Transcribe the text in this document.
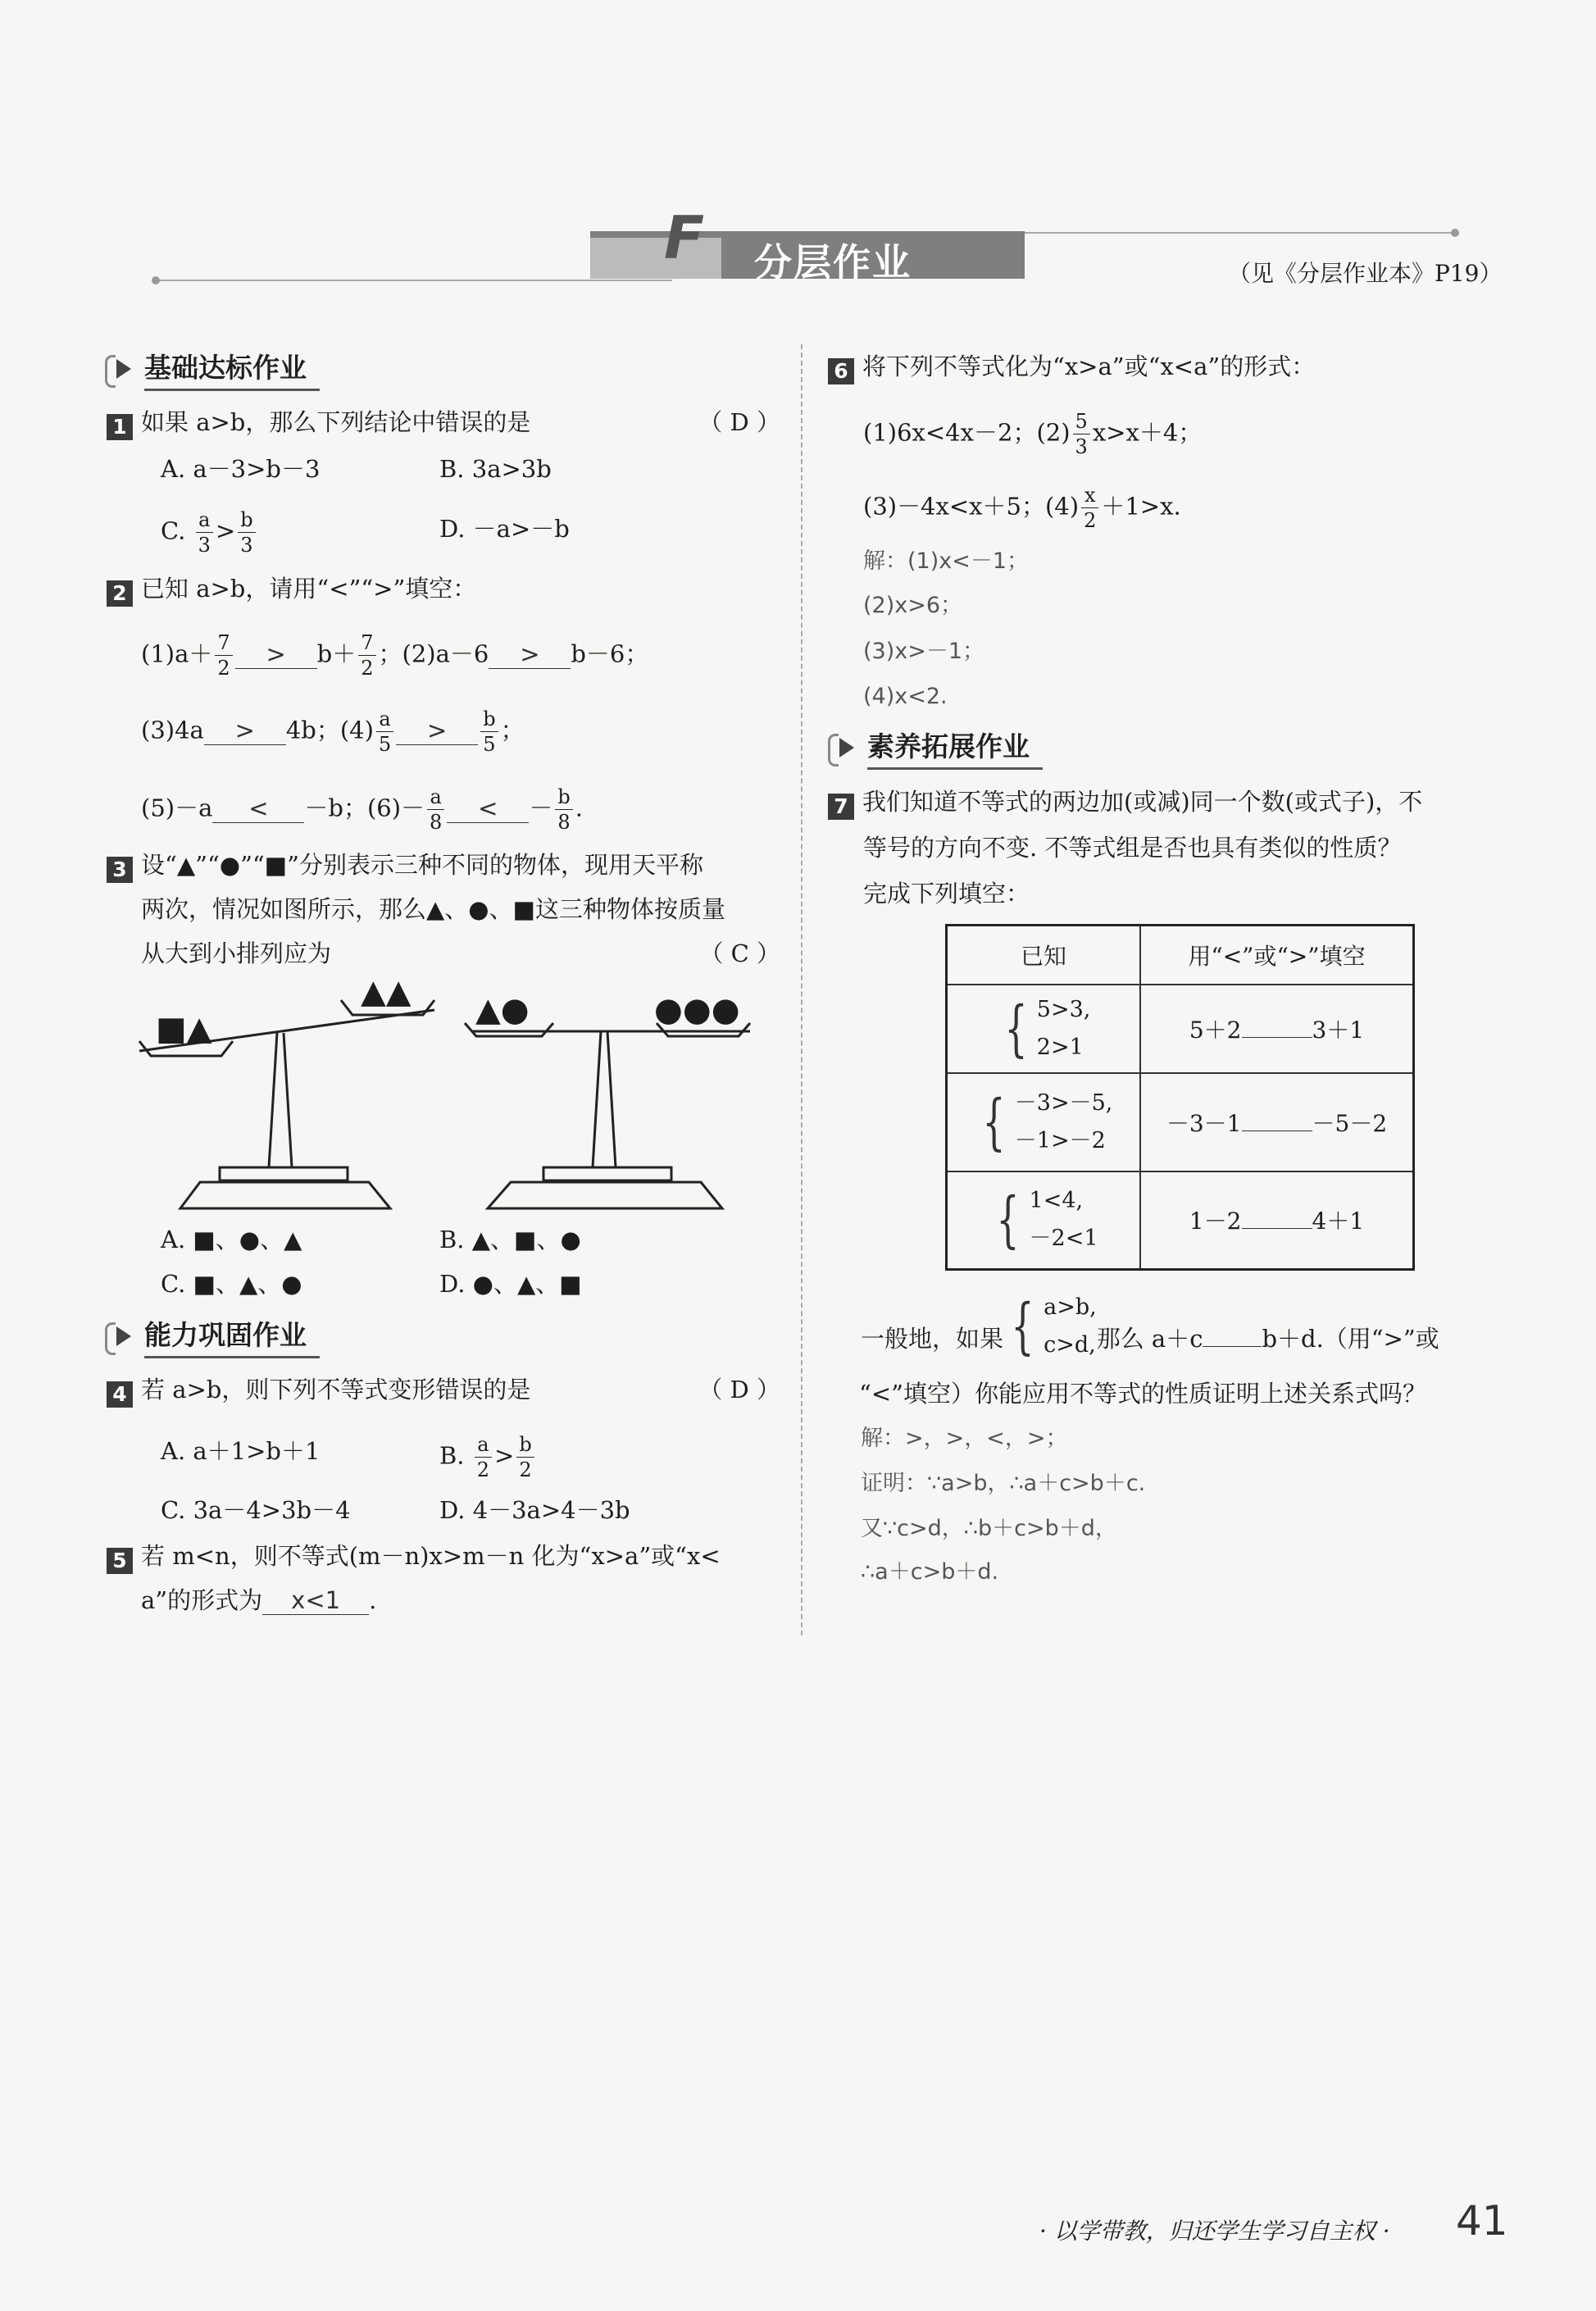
F 分层作业	（见《分层作业本》P19）
基础达标作业
1 如果 a>b，那么下列结论中错误的是	（ D ）
A. a－3>b－3	B. 3a>3b
C. $\frac{a}{3} > \frac{b}{3}$	D. －a>－b
2 已知 a>b，请用“<”“>”填空：
$(1)a+ \frac{7}{2} > b+ \frac{7}{2}$ ；(2)a－6 > b－6；
(3)4a > 4b；$(4) \frac{a}{5} > \frac{b}{5}$ ；
(5)－a < －b；$(6)- \frac{a}{8}$ < － $\frac{b}{8}$ .
3 设“▲”“●”“■”分别表示三种不同的物体，现用天平称
两次，情况如图所示，那么▲、●、■这三种物体按质量
从大到小排列应为	（ C ）
■▲
▲▲ ▲●	●●●
A. ■、●、▲	B. ▲、■、●
C. ■、▲、●	D. ●、▲、■
能力巩固作业
4 若 a>b，则下列不等式变形错误的是	（ D ）
A. a＋1>b＋1	B. $\frac{a}{2} > \frac{b}{2}$
C. 3a－4>3b－4	D. 4－3a>4－3b
5 若 m<n，则不等式(m－n)x>m－n 化为“x>a”或“x<
a”的形式为 x<1 .
6 将下列不等式化为“x>a”或“x<a”的形式：
(1)6x<4x－2；$(2) \frac{5}{3} x>x+4$；
(3)－4x<x＋5；$(4) \frac{x}{2} +1>x$.
解：(1)x<－1；
(2)x>6；
(3)x>－1；
(4)x<2.
素养拓展作业
7 我们知道不等式的两边加(或减)同一个数(或式子)，不
等号的方向不变. 不等式组是否也具有类似的性质？
完成下列填空：
已知	用“<”或“>”填空

{ 5>3,
2>1	5＋2 3＋1

{ －3>－5,
－1>－2	－3－1 －5－2

{ 1<4,
－2<1	1－2 4＋1
一般地，如果 { a>b,
c>d, 那么 a＋c b＋d.（用“>”或
“<”填空）你能应用不等式的性质证明上述关系式吗？
解：>，>，<，>；
证明：∵a>b，∴a＋c>b＋c.
又∵c>d，∴b＋c>b＋d，
∴a＋c>b＋d.
· 以学带教，归还学生学习自主权 · 41
